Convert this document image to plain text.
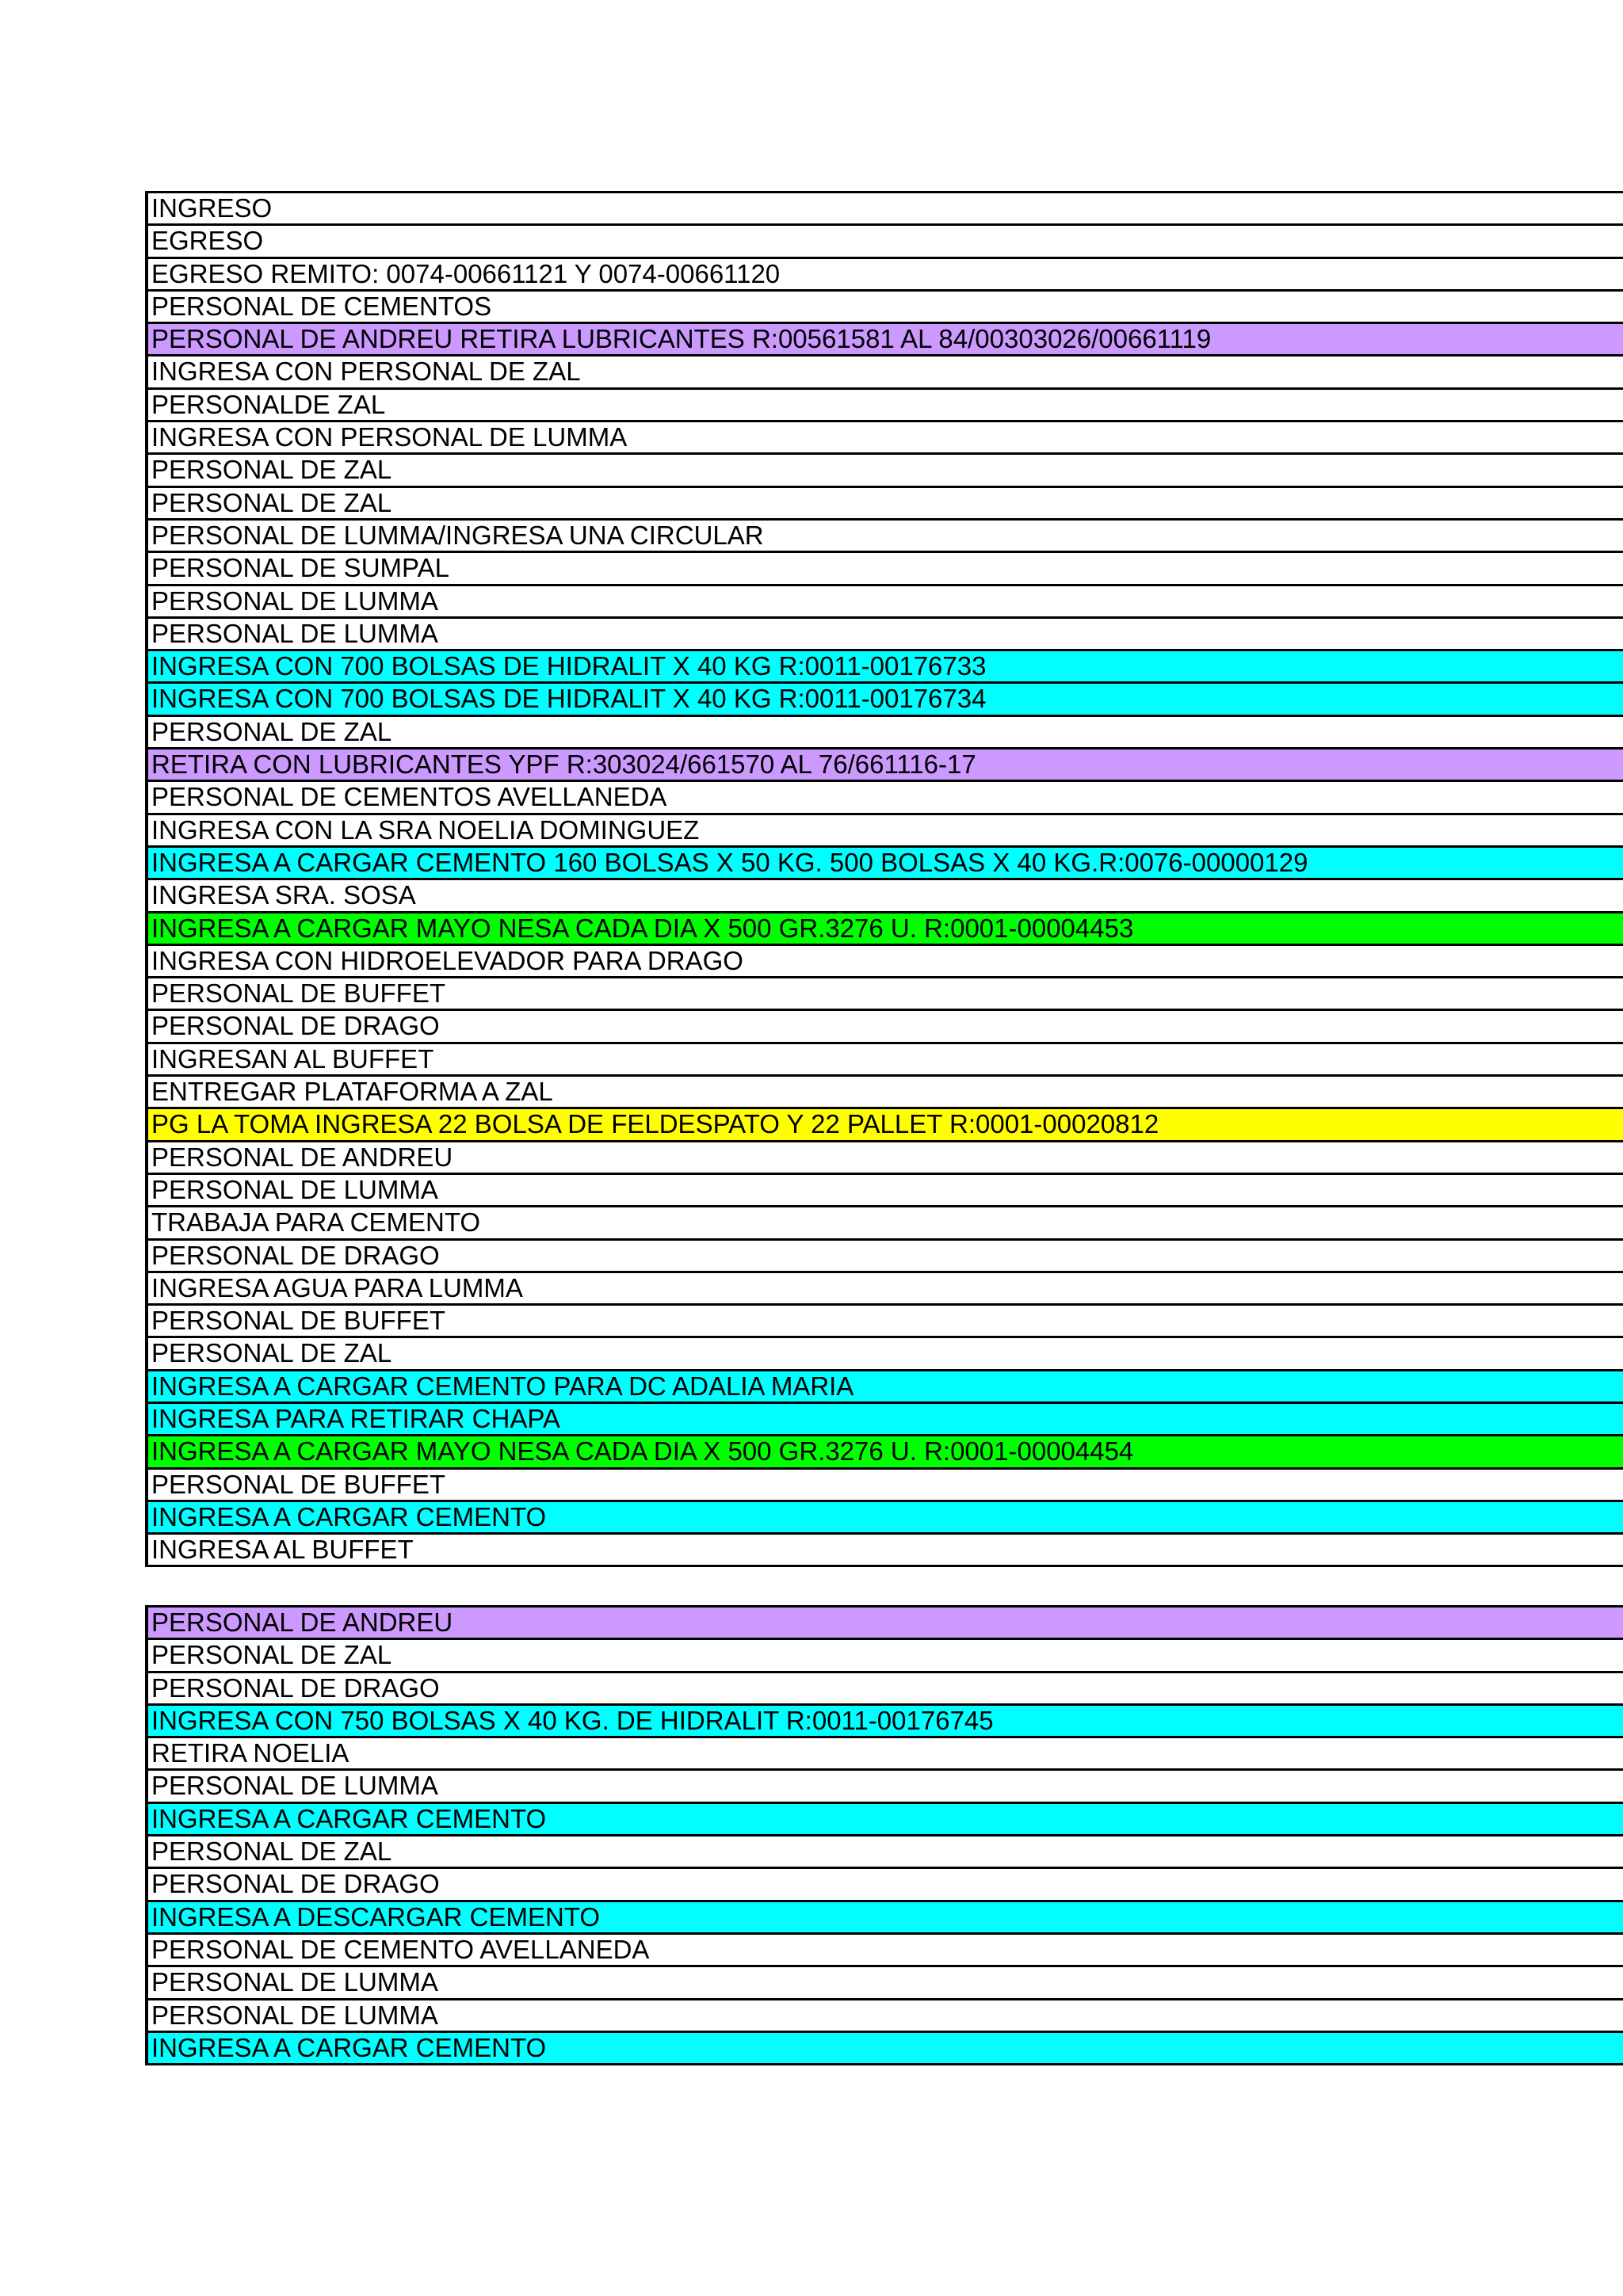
INGRESO
EGRESO
EGRESO REMITO: 0074-00661121 Y 0074-00661120
PERSONAL DE CEMENTOS
PERSONAL DE ANDREU RETIRA LUBRICANTES R:00561581 AL 84/00303026/00661119
INGRESA CON PERSONAL DE ZAL
PERSONALDE ZAL
INGRESA CON PERSONAL DE LUMMA
PERSONAL DE ZAL
PERSONAL DE ZAL
PERSONAL DE LUMMA/INGRESA UNA CIRCULAR
PERSONAL DE SUMPAL
PERSONAL DE LUMMA
PERSONAL DE LUMMA
INGRESA CON 700 BOLSAS DE HIDRALIT X 40 KG R:0011-00176733
INGRESA CON 700 BOLSAS DE HIDRALIT X 40 KG R:0011-00176734
PERSONAL DE ZAL
RETIRA CON LUBRICANTES YPF R:303024/661570 AL 76/661116-17
PERSONAL DE CEMENTOS AVELLANEDA
INGRESA CON LA SRA NOELIA DOMINGUEZ
INGRESA A CARGAR CEMENTO 160 BOLSAS X 50 KG. 500 BOLSAS X 40 KG.R:0076-00000129
INGRESA SRA. SOSA
INGRESA A CARGAR MAYO NESA CADA DIA X 500 GR.3276 U. R:0001-00004453
INGRESA CON HIDROELEVADOR PARA DRAGO
PERSONAL DE BUFFET
PERSONAL DE DRAGO
INGRESAN AL BUFFET
ENTREGAR PLATAFORMA A ZAL
PG LA TOMA INGRESA 22 BOLSA DE FELDESPATO Y 22 PALLET R:0001-00020812
PERSONAL DE ANDREU
PERSONAL DE LUMMA
TRABAJA PARA CEMENTO
PERSONAL DE DRAGO
INGRESA AGUA PARA LUMMA
PERSONAL DE BUFFET
PERSONAL DE ZAL
INGRESA A CARGAR CEMENTO PARA DC ADALIA MARIA
INGRESA PARA RETIRAR CHAPA
INGRESA A CARGAR MAYO NESA CADA DIA X 500 GR.3276 U. R:0001-00004454
PERSONAL DE BUFFET
INGRESA A CARGAR CEMENTO
INGRESA AL BUFFET
PERSONAL DE ANDREU
PERSONAL DE ZAL
PERSONAL DE DRAGO
INGRESA CON 750 BOLSAS X 40 KG. DE HIDRALIT R:0011-00176745
RETIRA NOELIA
PERSONAL DE LUMMA
INGRESA A CARGAR CEMENTO
PERSONAL DE ZAL
PERSONAL DE DRAGO
INGRESA A DESCARGAR CEMENTO
PERSONAL DE CEMENTO AVELLANEDA
PERSONAL DE LUMMA
PERSONAL DE LUMMA
INGRESA A CARGAR CEMENTO
